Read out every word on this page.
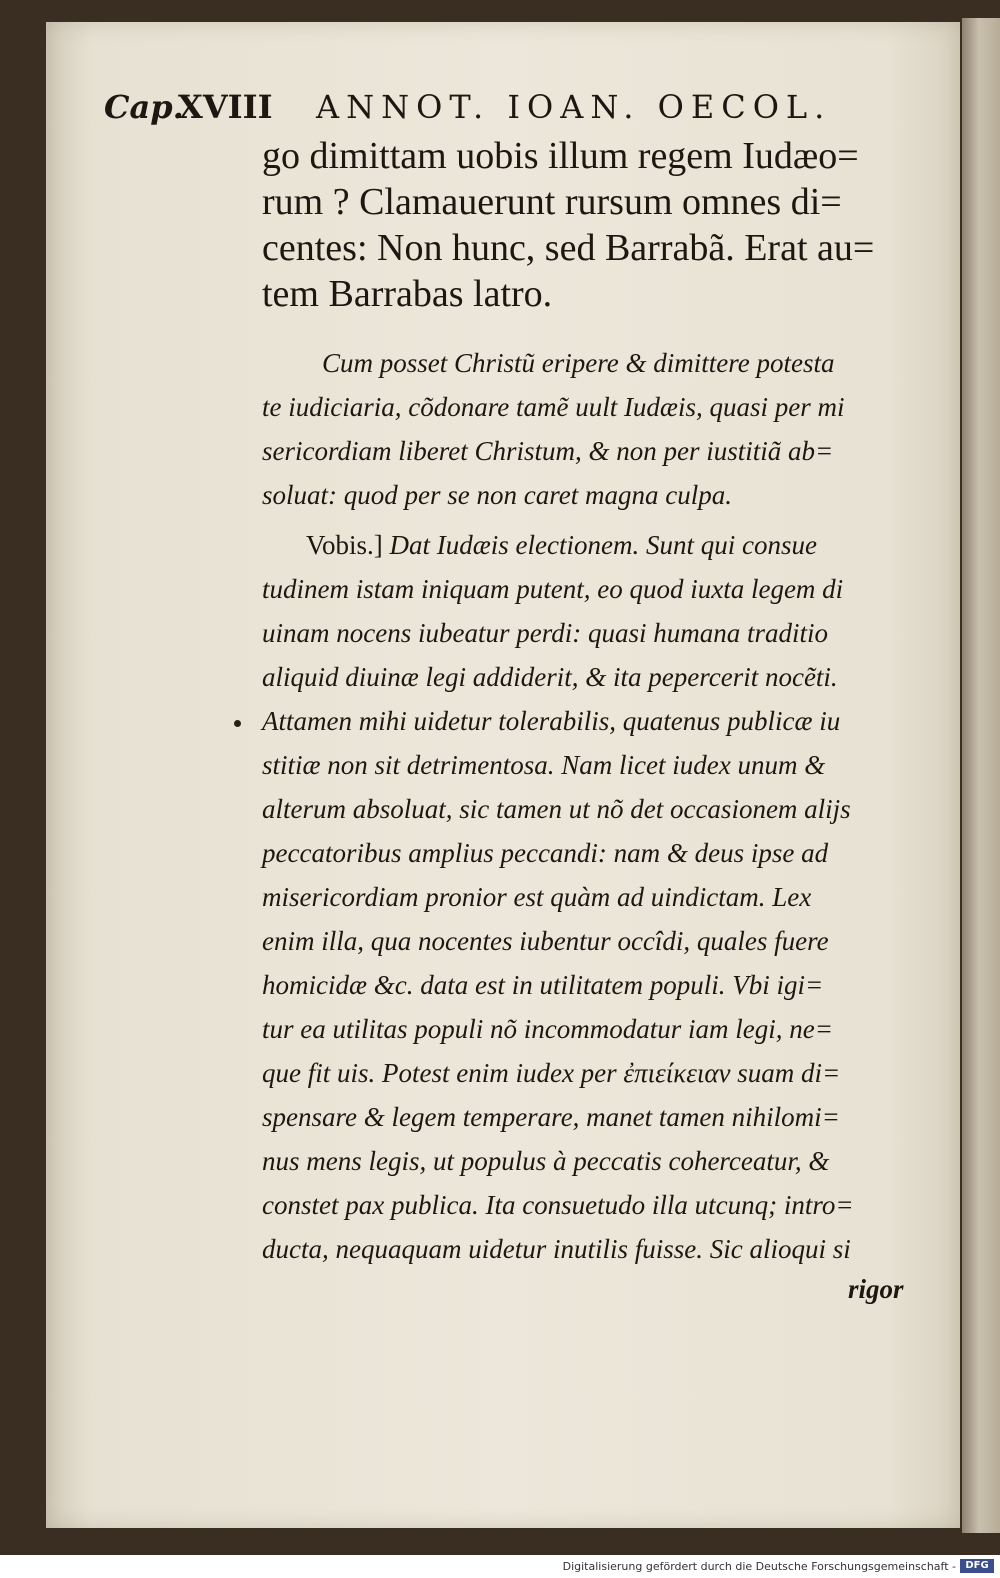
Cap.
XVIII ANNOT. IOAN. OECOL.
go dimittam uobis illum regem Iudæo=
rum ? Clamauerunt rursum omnes di=
centes: Non hunc, sed Barrabã. Erat au=
tem Barrabas latro.
Cum posset Christũ eripere & dimittere potesta
te iudiciaria, cõdonare tamẽ uult Iudæis, quasi per mi
sericordiam liberet Christum, & non per iustitiã ab=
soluat: quod per se non caret magna culpa.
Vobis.] Dat Iudæis electionem. Sunt qui consue
tudinem istam iniquam putent, eo quod iuxta legem di
uinam nocens iubeatur perdi: quasi humana traditio
aliquid diuinæ legi addiderit, & ita pepercerit nocẽti.
Attamen mihi uidetur tolerabilis, quatenus publicæ iu
stitiæ non sit detrimentosa. Nam licet iudex unum &
alterum absoluat, sic tamen ut nõ det occasionem alijs
peccatoribus amplius peccandi: nam & deus ipse ad
misericordiam pronior est quàm ad uindictam. Lex
enim illa, qua nocentes iubentur occîdi, quales fuere
homicidæ &c. data est in utilitatem populi. Vbi igi=
tur ea utilitas populi nõ incommodatur iam legi, ne=
que fit uis. Potest enim iudex per ἐπιείκειαν suam di=
spensare & legem temperare, manet tamen nihilomi=
nus mens legis, ut populus à peccatis coherceatur, &
constet pax publica. Ita consuetudo illa utcunq; intro=
ducta, nequaquam uidetur inutilis fuisse. Sic alioqui si
rigor
Digitalisierung gefördert durch die Deutsche Forschungsgemeinschaft - DFG
